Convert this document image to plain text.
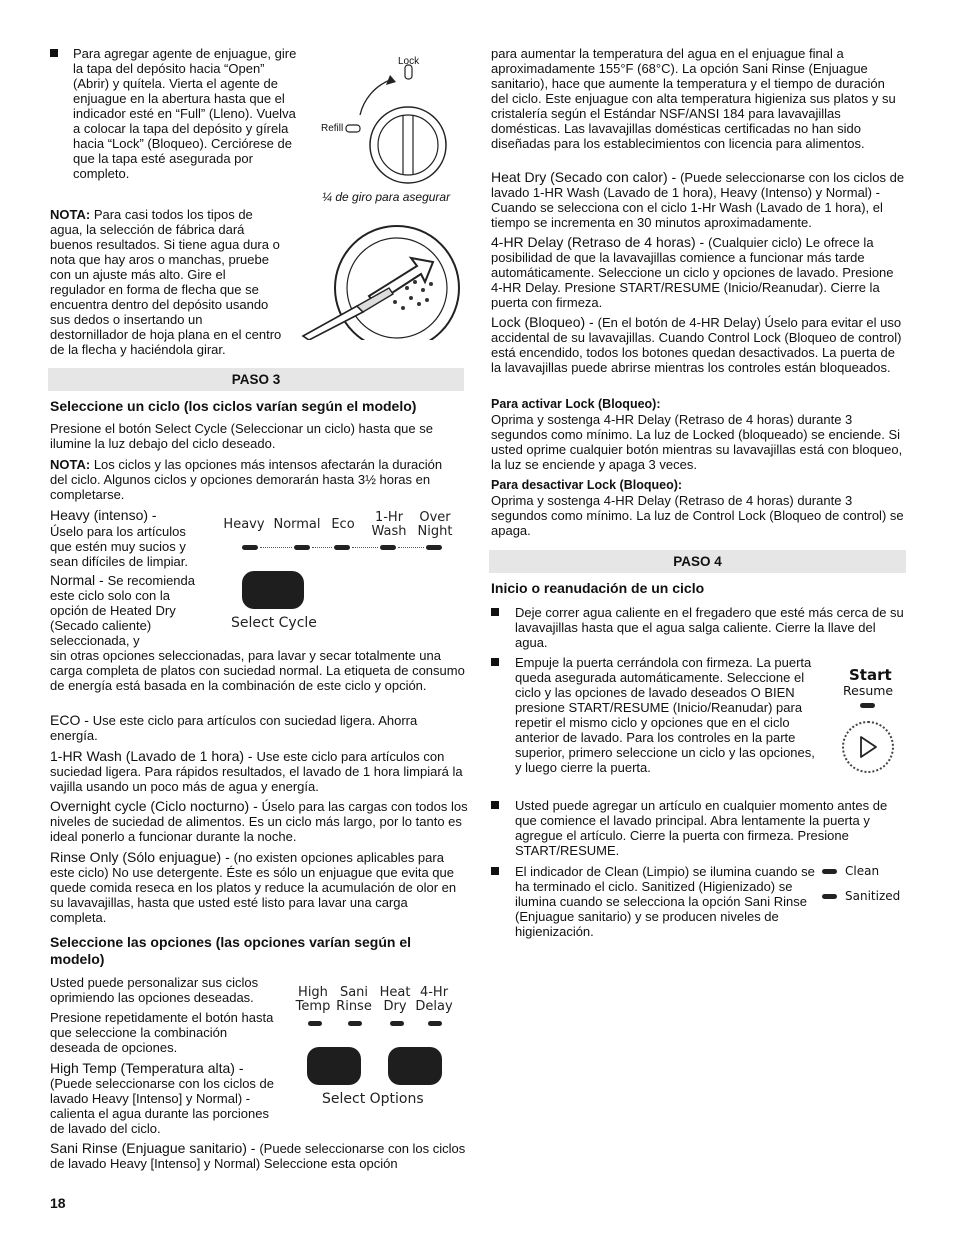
Para agregar agente de enjuague, gire la tapa del depósito hacia “Open” (Abrir) y quítela. Vierta el agente de enjuague en la abertura hasta que el indicador esté en “Full” (Lleno). Vuelva a colocar la tapa del depósito y gírela hacia “Lock” (Bloqueo). Cerciórese de que la tapa esté asegurada por completo.

Lock
Refill
¼ de giro para asegurar

NOTA: Para casi todos los tipos de agua, la selección de fábrica dará buenos resultados. Si tiene agua dura o nota que hay aros o manchas, pruebe con un ajuste más alto. Gire el regulador en forma de flecha que se encuentra dentro del depósito usando sus dedos o insertando un destornillador de hoja plana en el centro de la flecha y haciéndola girar.

PASO 3

Seleccione un ciclo (los ciclos varían según el modelo)

Presione el botón Select Cycle (Seleccionar un ciclo) hasta que se ilumine la luz debajo del ciclo deseado.

NOTA: Los ciclos y las opciones más intensos afectarán la duración del ciclo. Algunos ciclos y opciones demorarán hasta 3½ horas en completarse.

Heavy (intenso) -

Úselo para los artículos que estén muy sucios y sean difíciles de limpiar.

Normal - Se recomienda este ciclo solo con la opción de Heated Dry (Secado caliente) seleccionada, y

sin otras opciones seleccionadas, para lavar y secar totalmente una carga completa de platos con suciedad normal. La etiqueta de consumo de energía está basada en la combinación de este ciclo y opción.

Heavy Normal Eco	1-Hr
Wash
Over
Night
Select Cycle

ECO - Use este ciclo para artículos con suciedad ligera. Ahorra energía.

1-HR Wash (Lavado de 1 hora) - Use este ciclo para artículos con suciedad ligera. Para rápidos resultados, el lavado de 1 hora limpiará la vajilla usando un poco más de agua y energía.

Overnight cycle (Ciclo nocturno) - Úselo para las cargas con todos los niveles de suciedad de alimentos. Es un ciclo más largo, por lo tanto es ideal ponerlo a funcionar durante la noche.

Rinse Only (Sólo enjuague) - (no existen opciones aplicables para este ciclo) No use detergente. Éste es sólo un enjuague que evita que quede comida reseca en los platos y reduce la acumulación de olor en su lavavajillas, hasta que usted esté listo para lavar una carga completa.

Seleccione las opciones (las opciones varían según el modelo)

Usted puede personalizar sus ciclos oprimiendo las opciones deseadas.

Presione repetidamente el botón hasta que seleccione la combinación deseada de opciones.

High Temp (Temperatura alta) -

(Puede seleccionarse con los ciclos de lavado Heavy [Intenso] y Normal) - calienta el agua durante las porciones de lavado del ciclo.

Sani Rinse (Enjuague sanitario) - (Puede seleccionarse con los ciclos de lavado Heavy [Intenso] y Normal) Seleccione esta opción

High
Temp
Sani
Rinse
Heat
Dry
4-Hr
Delay
Select Options
18

para aumentar la temperatura del agua en el enjuague final a aproximadamente 155°F (68°C). La opción Sani Rinse (Enjuague sanitario), hace que aumente la temperatura y el tiempo de duración del ciclo. Este enjuague con alta temperatura higieniza sus platos y su cristalería según el Estándar NSF/ANSI 184 para lavavajillas domésticas. Las lavavajillas domésticas certificadas no han sido diseñadas para los establecimientos con licencia para alimentos.

Heat Dry (Secado con calor) - (Puede seleccionarse con los ciclos de lavado 1-HR Wash (Lavado de 1 hora), Heavy (Intenso) y Normal) - Cuando se selecciona con el ciclo 1-Hr Wash (Lavado de 1 hora), el tiempo se incrementa en 30 minutos aproximadamente.

4-HR Delay (Retraso de 4 horas) - (Cualquier ciclo) Le ofrece la posibilidad de que la lavavajillas comience a funcionar más tarde automáticamente. Seleccione un ciclo y opciones de lavado. Presione 4-HR Delay. Presione START/RESUME (Inicio/Reanudar). Cierre la puerta con firmeza.

Lock (Bloqueo) - (En el botón de 4-HR Delay) Úselo para evitar el uso accidental de su lavavajillas. Cuando Control Lock (Bloqueo de control) está encendido, todos los botones quedan desactivados. La puerta de la lavavajillas puede abrirse mientras los controles están bloqueados.

Para activar Lock (Bloqueo):

Oprima y sostenga 4-HR Delay (Retraso de 4 horas) durante 3 segundos como mínimo. La luz de Locked (bloqueado) se enciende. Si usted oprime cualquier botón mientras su lavavajillas está con bloqueo, la luz se enciende y apaga 3 veces.

Para desactivar Lock (Bloqueo):

Oprima y sostenga 4-HR Delay (Retraso de 4 horas) durante 3 segundos como mínimo. La luz de Control Lock (Bloqueo de control) se apaga.

PASO 4

Inicio o reanudación de un ciclo

Deje correr agua caliente en el fregadero que esté más cerca de su lavavajillas hasta que el agua salga caliente. Cierre la llave del agua.

Empuje la puerta cerrándola con firmeza. La puerta queda asegurada automáticamente. Seleccione el ciclo y las opciones de lavado deseados O BIEN presione START/RESUME (Inicio/Reanudar) para repetir el mismo ciclo y opciones que en el ciclo anterior de lavado. Para los controles en la parte superior, primero seleccione un ciclo y las opciones, y luego cierre la puerta.

Start
Resume

Usted puede agregar un artículo en cualquier momento antes de que comience el lavado principal. Abra lentamente la puerta y agregue el artículo. Cierre la puerta con firmeza. Presione START/RESUME.

El indicador de Clean (Limpio) se ilumina cuando se ha terminado el ciclo. Sanitized (Higienizado) se ilumina cuando se selecciona la opción Sani Rinse (Enjuague sanitario) y se producen niveles de higienización.

Clean
Sanitized
